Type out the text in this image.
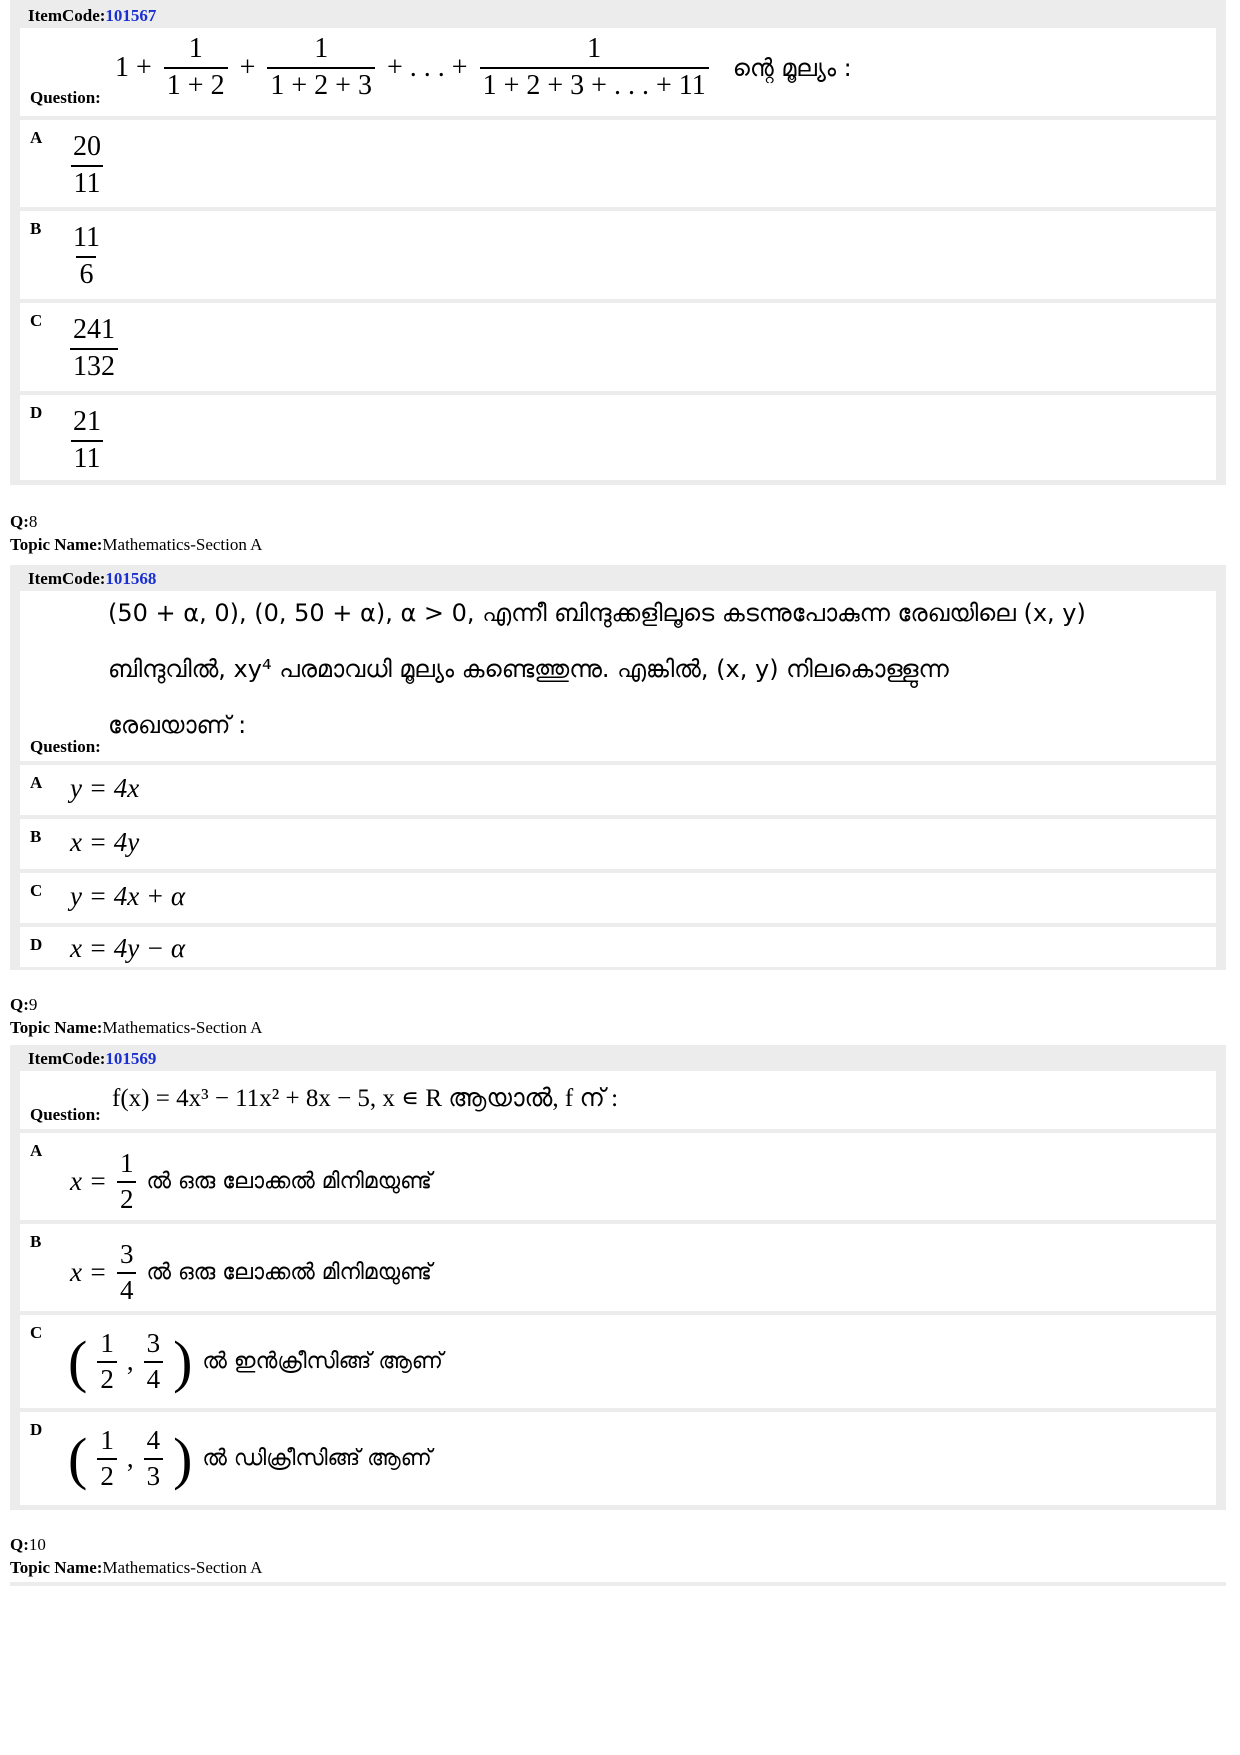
ItemCode:101567
Question:
$1 + \frac{1}{1 + 2} + \frac{1}{1 + 2 + 3}$ + . . . + $\frac{1}{1 + 2 + 3 + . . . + 11}$ ന്റെ മൂല്യം :
A $\frac{20}{11}$
B $\frac{11}{6}$
C $\frac{241}{132}$
D $\frac{21}{11}$
Q:8
Topic Name:Mathematics-Section A
ItemCode:101568
Question:
(50 + α, 0), (0, 50 + α), α > 0, എന്നീ ബിന്ദുക്കളിലൂടെ കടന്നുപോകുന്ന രേഖയിലെ (x, y)
ബിന്ദുവിൽ, xy⁴ പരമാവധി മൂല്യം കണ്ടെത്തുന്നു. എങ്കിൽ, (x, y) നിലകൊള്ളുന്ന
രേഖയാണ് :
A y = 4x
B x = 4y
C y = 4x + α
D x = 4y − α
Q:9
Topic Name:Mathematics-Section A
ItemCode:101569
Question:
f(x) = 4x³ − 11x² + 8x − 5, x ∊ R ആയാൽ, f ന് :
A
$x = \frac{1}{2}$ ൽ ഒരു ലോക്കൽ മിനിമയുണ്ട്
B
$x = \frac{3}{4}$ ൽ ഒരു ലോക്കൽ മിനിമയുണ്ട്
C ( $\frac{1}{2}$ , $\frac{3}{4}$ ) ൽ ഇൻക്രീസിങ്ങ് ആണ്
D ( $\frac{1}{2}$ , $\frac{4}{3}$ ) ൽ ഡിക്രീസിങ്ങ് ആണ്
Q:10
Topic Name:Mathematics-Section A
